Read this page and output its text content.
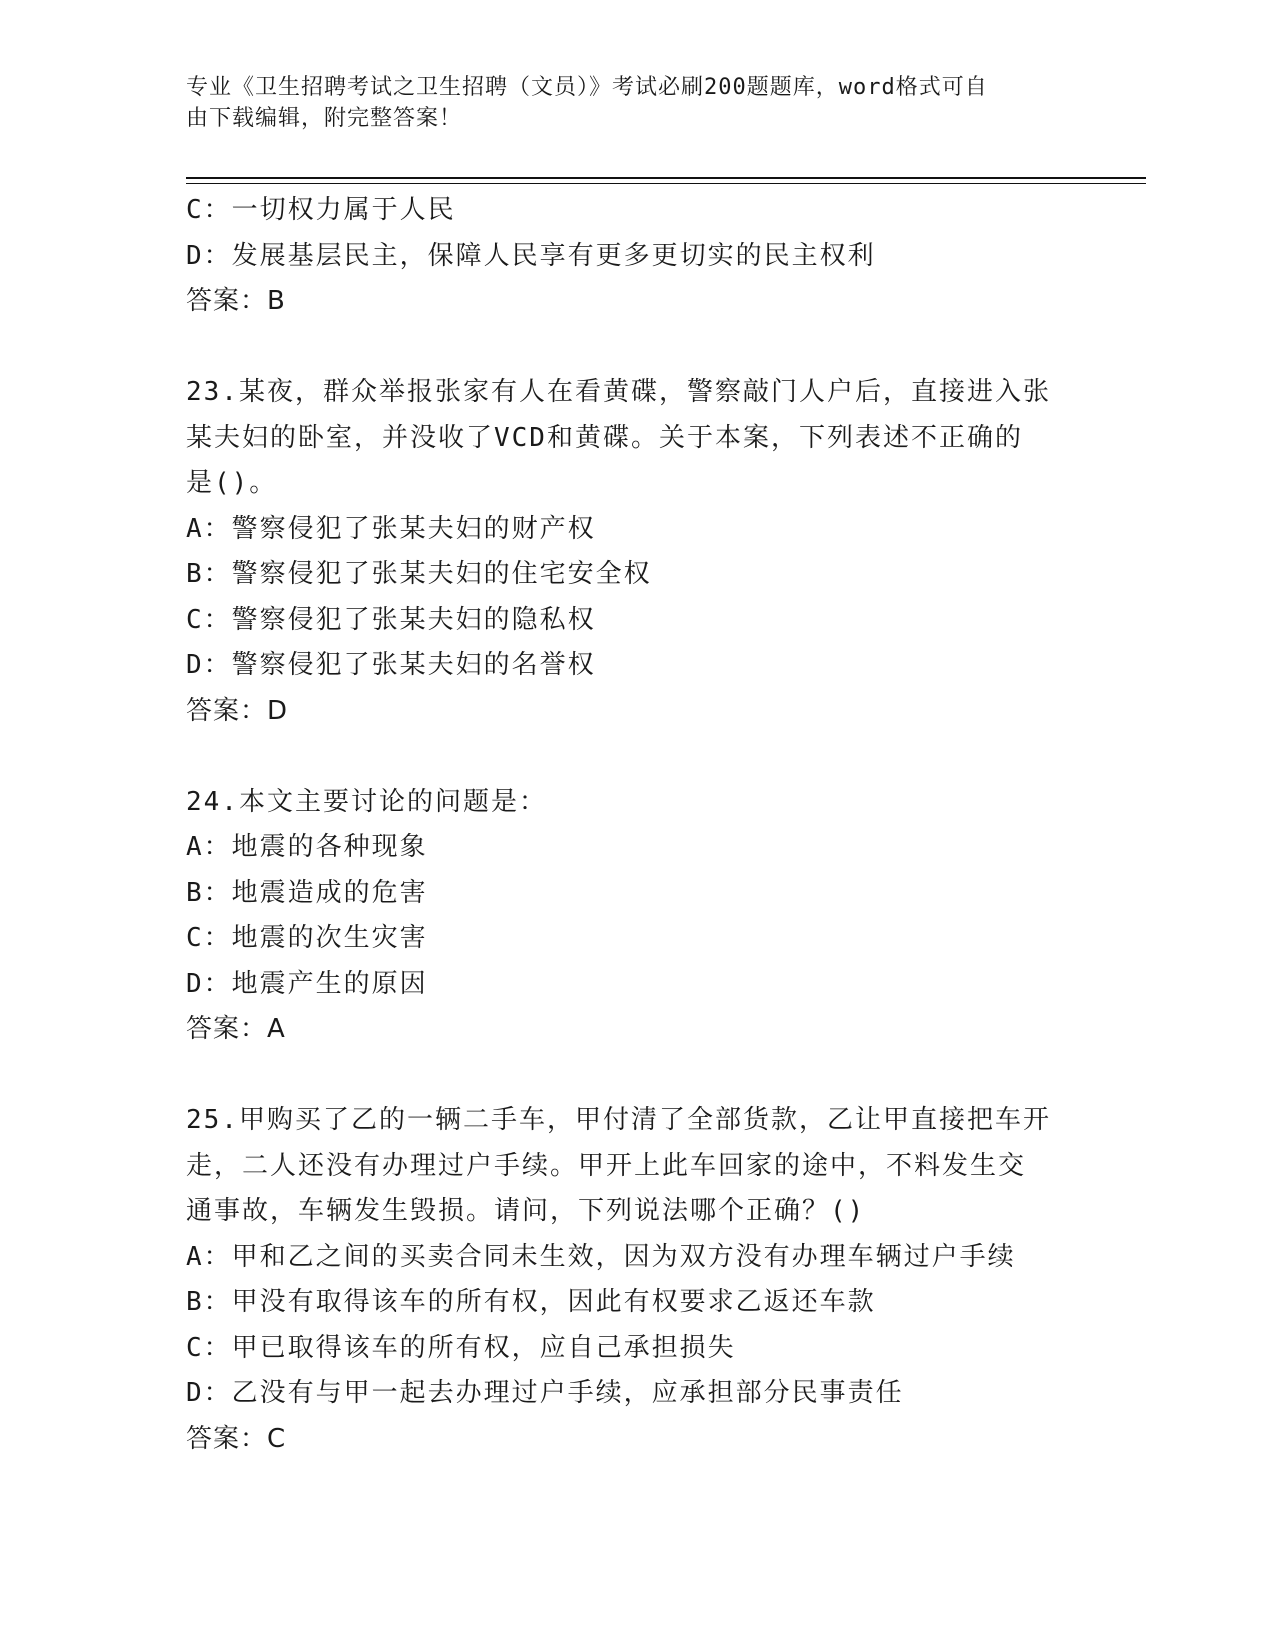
专业《卫生招聘考试之卫生招聘（文员）》考试必刷200题题库，word格式可自
由下载编辑，附完整答案！
C：一切权力属于人民
D：发展基层民主，保障人民享有更多更切实的民主权利
答案：B
23.某夜，群众举报张家有人在看黄碟，警察敲门人户后，直接进入张
某夫妇的卧室，并没收了VCD和黄碟。关于本案，下列表述不正确的
是()。
A：警察侵犯了张某夫妇的财产权
B：警察侵犯了张某夫妇的住宅安全权
C：警察侵犯了张某夫妇的隐私权
D：警察侵犯了张某夫妇的名誉权
答案：D
24.本文主要讨论的问题是：
A：地震的各种现象
B：地震造成的危害
C：地震的次生灾害
D：地震产生的原因
答案：A
25.甲购买了乙的一辆二手车，甲付清了全部货款，乙让甲直接把车开
走，二人还没有办理过户手续。甲开上此车回家的途中，不料发生交
通事故，车辆发生毁损。请问，下列说法哪个正确？()
A：甲和乙之间的买卖合同未生效，因为双方没有办理车辆过户手续
B：甲没有取得该车的所有权，因此有权要求乙返还车款
C：甲已取得该车的所有权，应自己承担损失
D：乙没有与甲一起去办理过户手续，应承担部分民事责任
答案：C
